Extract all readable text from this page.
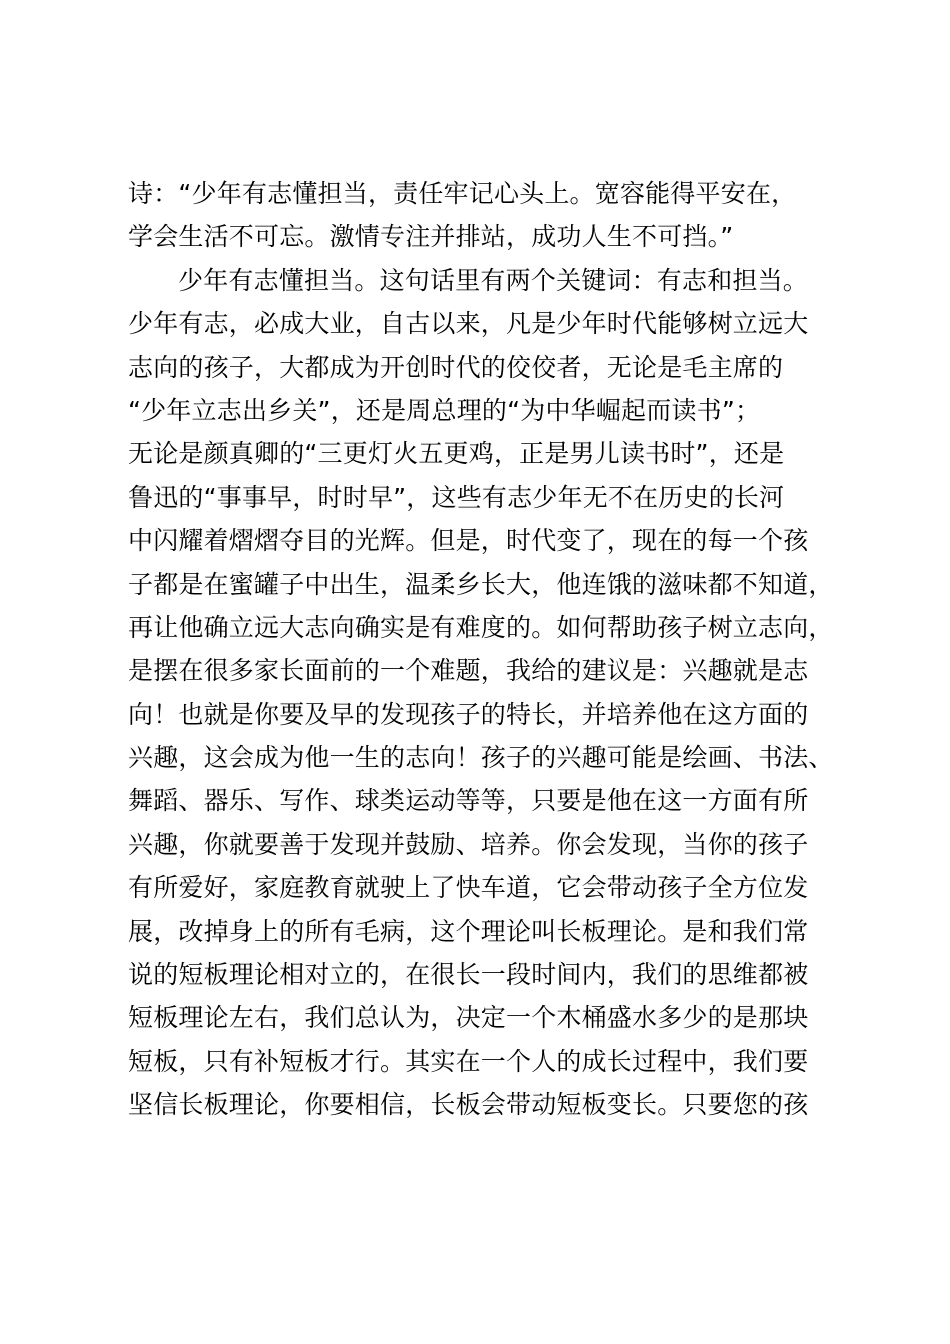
诗：“少年有志懂担当，责任牢记心头上。宽容能得平安在，
学会生活不可忘。激情专注并排站，成功人生不可挡。”
少年有志懂担当。这句话里有两个关键词：有志和担当。
少年有志，必成大业，自古以来，凡是少年时代能够树立远大
志向的孩子，大都成为开创时代的佼佼者，无论是毛主席的
“少年立志出乡关”，还是周总理的“为中华崛起而读书”；
无论是颜真卿的“三更灯火五更鸡，正是男儿读书时”，还是
鲁迅的“事事早，时时早”，这些有志少年无不在历史的长河
中闪耀着熠熠夺目的光辉。但是，时代变了，现在的每一个孩
子都是在蜜罐子中出生，温柔乡长大，他连饿的滋味都不知道，
再让他确立远大志向确实是有难度的。如何帮助孩子树立志向，
是摆在很多家长面前的一个难题，我给的建议是：兴趣就是志
向！也就是你要及早的发现孩子的特长，并培养他在这方面的
兴趣，这会成为他一生的志向！孩子的兴趣可能是绘画、书法、
舞蹈、器乐、写作、球类运动等等，只要是他在这一方面有所
兴趣，你就要善于发现并鼓励、培养。你会发现，当你的孩子
有所爱好，家庭教育就驶上了快车道，它会带动孩子全方位发
展，改掉身上的所有毛病，这个理论叫长板理论。是和我们常
说的短板理论相对立的，在很长一段时间内，我们的思维都被
短板理论左右，我们总认为，决定一个木桶盛水多少的是那块
短板，只有补短板才行。其实在一个人的成长过程中，我们要
坚信长板理论，你要相信，长板会带动短板变长。只要您的孩
